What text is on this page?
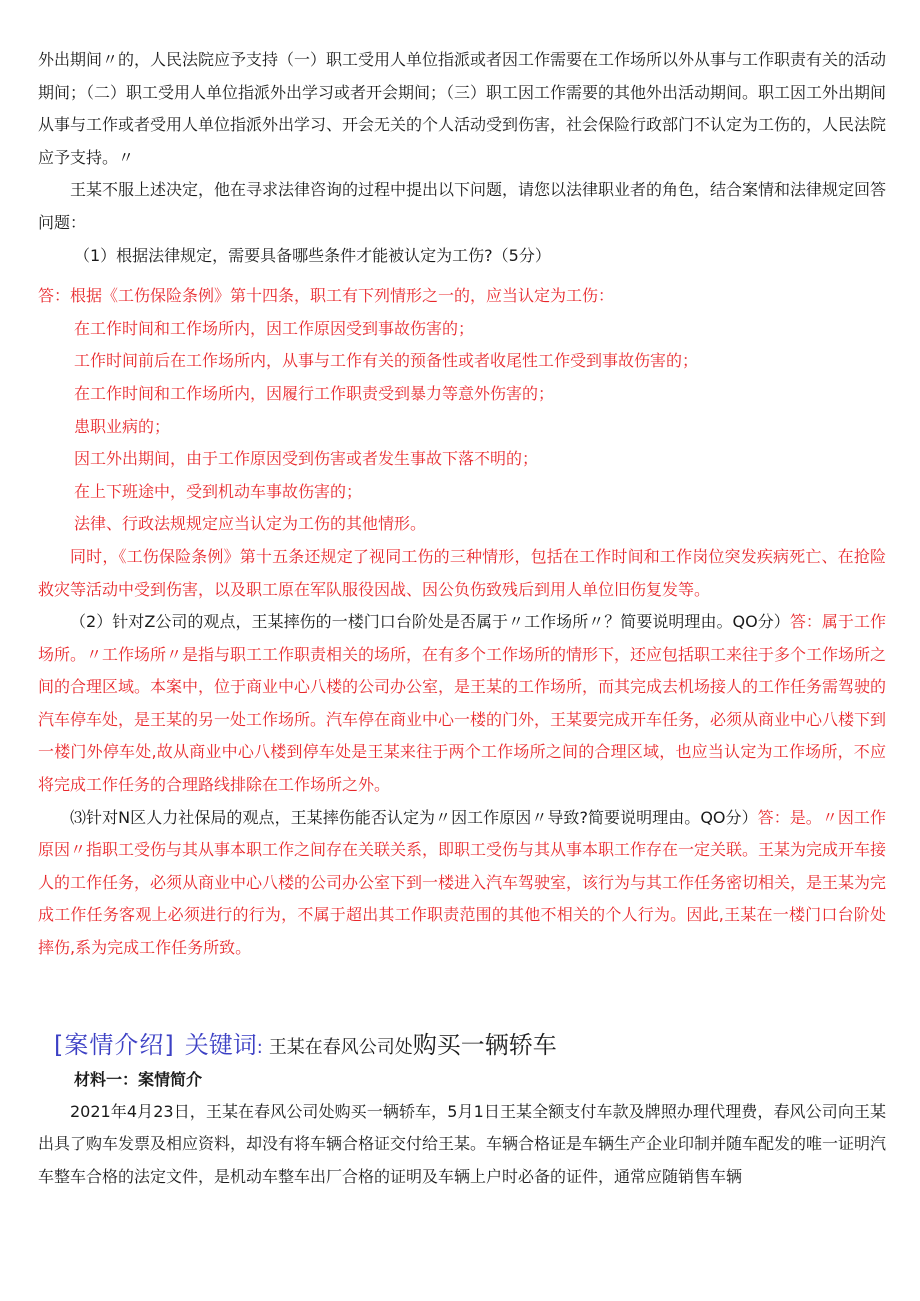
外出期间〃的，人民法院应予支持（一）职工受用人单位指派或者因工作需要在工作场所以外从事与工作职责有关的活动期间；（二）职工受用人单位指派外出学习或者开会期间；（三）职工因工作需要的其他外出活动期间。职工因工外出期间从事与工作或者受用人单位指派外出学习、开会无关的个人活动受到伤害，社会保险行政部门不认定为工伤的，人民法院应予支持。〃

王某不服上述决定，他在寻求法律咨询的过程中提出以下问题，请您以法律职业者的角色，结合案情和法律规定回答问题：

（1）根据法律规定，需要具备哪些条件才能被认定为工伤?（5分）

答：根据《工伤保险条例》第十四条，职工有下列情形之一的，应当认定为工伤：

在工作时间和工作场所内，因工作原因受到事故伤害的；

工作时间前后在工作场所内，从事与工作有关的预备性或者收尾性工作受到事故伤害的；

在工作时间和工作场所内，因履行工作职责受到暴力等意外伤害的；

患职业病的；

因工外出期间，由于工作原因受到伤害或者发生事故下落不明的；

在上下班途中，受到机动车事故伤害的；

法律、行政法规规定应当认定为工伤的其他情形。

同时，《工伤保险条例》第十五条还规定了视同工伤的三种情形，包括在工作时间和工作岗位突发疾病死亡、在抢险救灾等活动中受到伤害，以及职工原在军队服役因战、因公负伤致残后到用人单位旧伤复发等。

（2）针对Z公司的观点，王某摔伤的一楼门口台阶处是否属于〃工作场所〃？简要说明理由。QO分）答：属于工作场所。〃工作场所〃是指与职工工作职责相关的场所，在有多个工作场所的情形下，还应包括职工来往于多个工作场所之间的合理区域。本案中，位于商业中心八楼的公司办公室，是王某的工作场所，而其完成去机场接人的工作任务需驾驶的汽车停车处，是王某的另一处工作场所。汽车停在商业中心一楼的门外，王某要完成开车任务，必须从商业中心八楼下到一楼门外停车处,故从商业中心八楼到停车处是王某来往于两个工作场所之间的合理区域，也应当认定为工作场所，不应将完成工作任务的合理路线排除在工作场所之外。

⑶针对N区人力社保局的观点，王某摔伤能否认定为〃因工作原因〃导致?简要说明理由。QO分）答：是。〃因工作原因〃指职工受伤与其从事本职工作之间存在关联关系，即职工受伤与其从事本职工作存在一定关联。王某为完成开车接人的工作任务，必须从商业中心八楼的公司办公室下到一楼进入汽车驾驶室，该行为与其工作任务密切相关，是王某为完成工作任务客观上必须进行的行为，不属于超出其工作职责范围的其他不相关的个人行为。因此,王某在一楼门口台阶处摔伤,系为完成工作任务所致。

[案情介绍] 关键词 : 王某在春风公司处 购买一辆轿车

材料一：案情简介

2021年4月23日，王某在春风公司处购买一辆轿车，5月1日王某全额支付车款及牌照办理代理费，春风公司向王某出具了购车发票及相应资料，却没有将车辆合格证交付给王某。车辆合格证是车辆生产企业印制并随车配发的唯一证明汽车整车合格的法定文件，是机动车整车出厂合格的证明及车辆上户时必备的证件，通常应随销售车辆
